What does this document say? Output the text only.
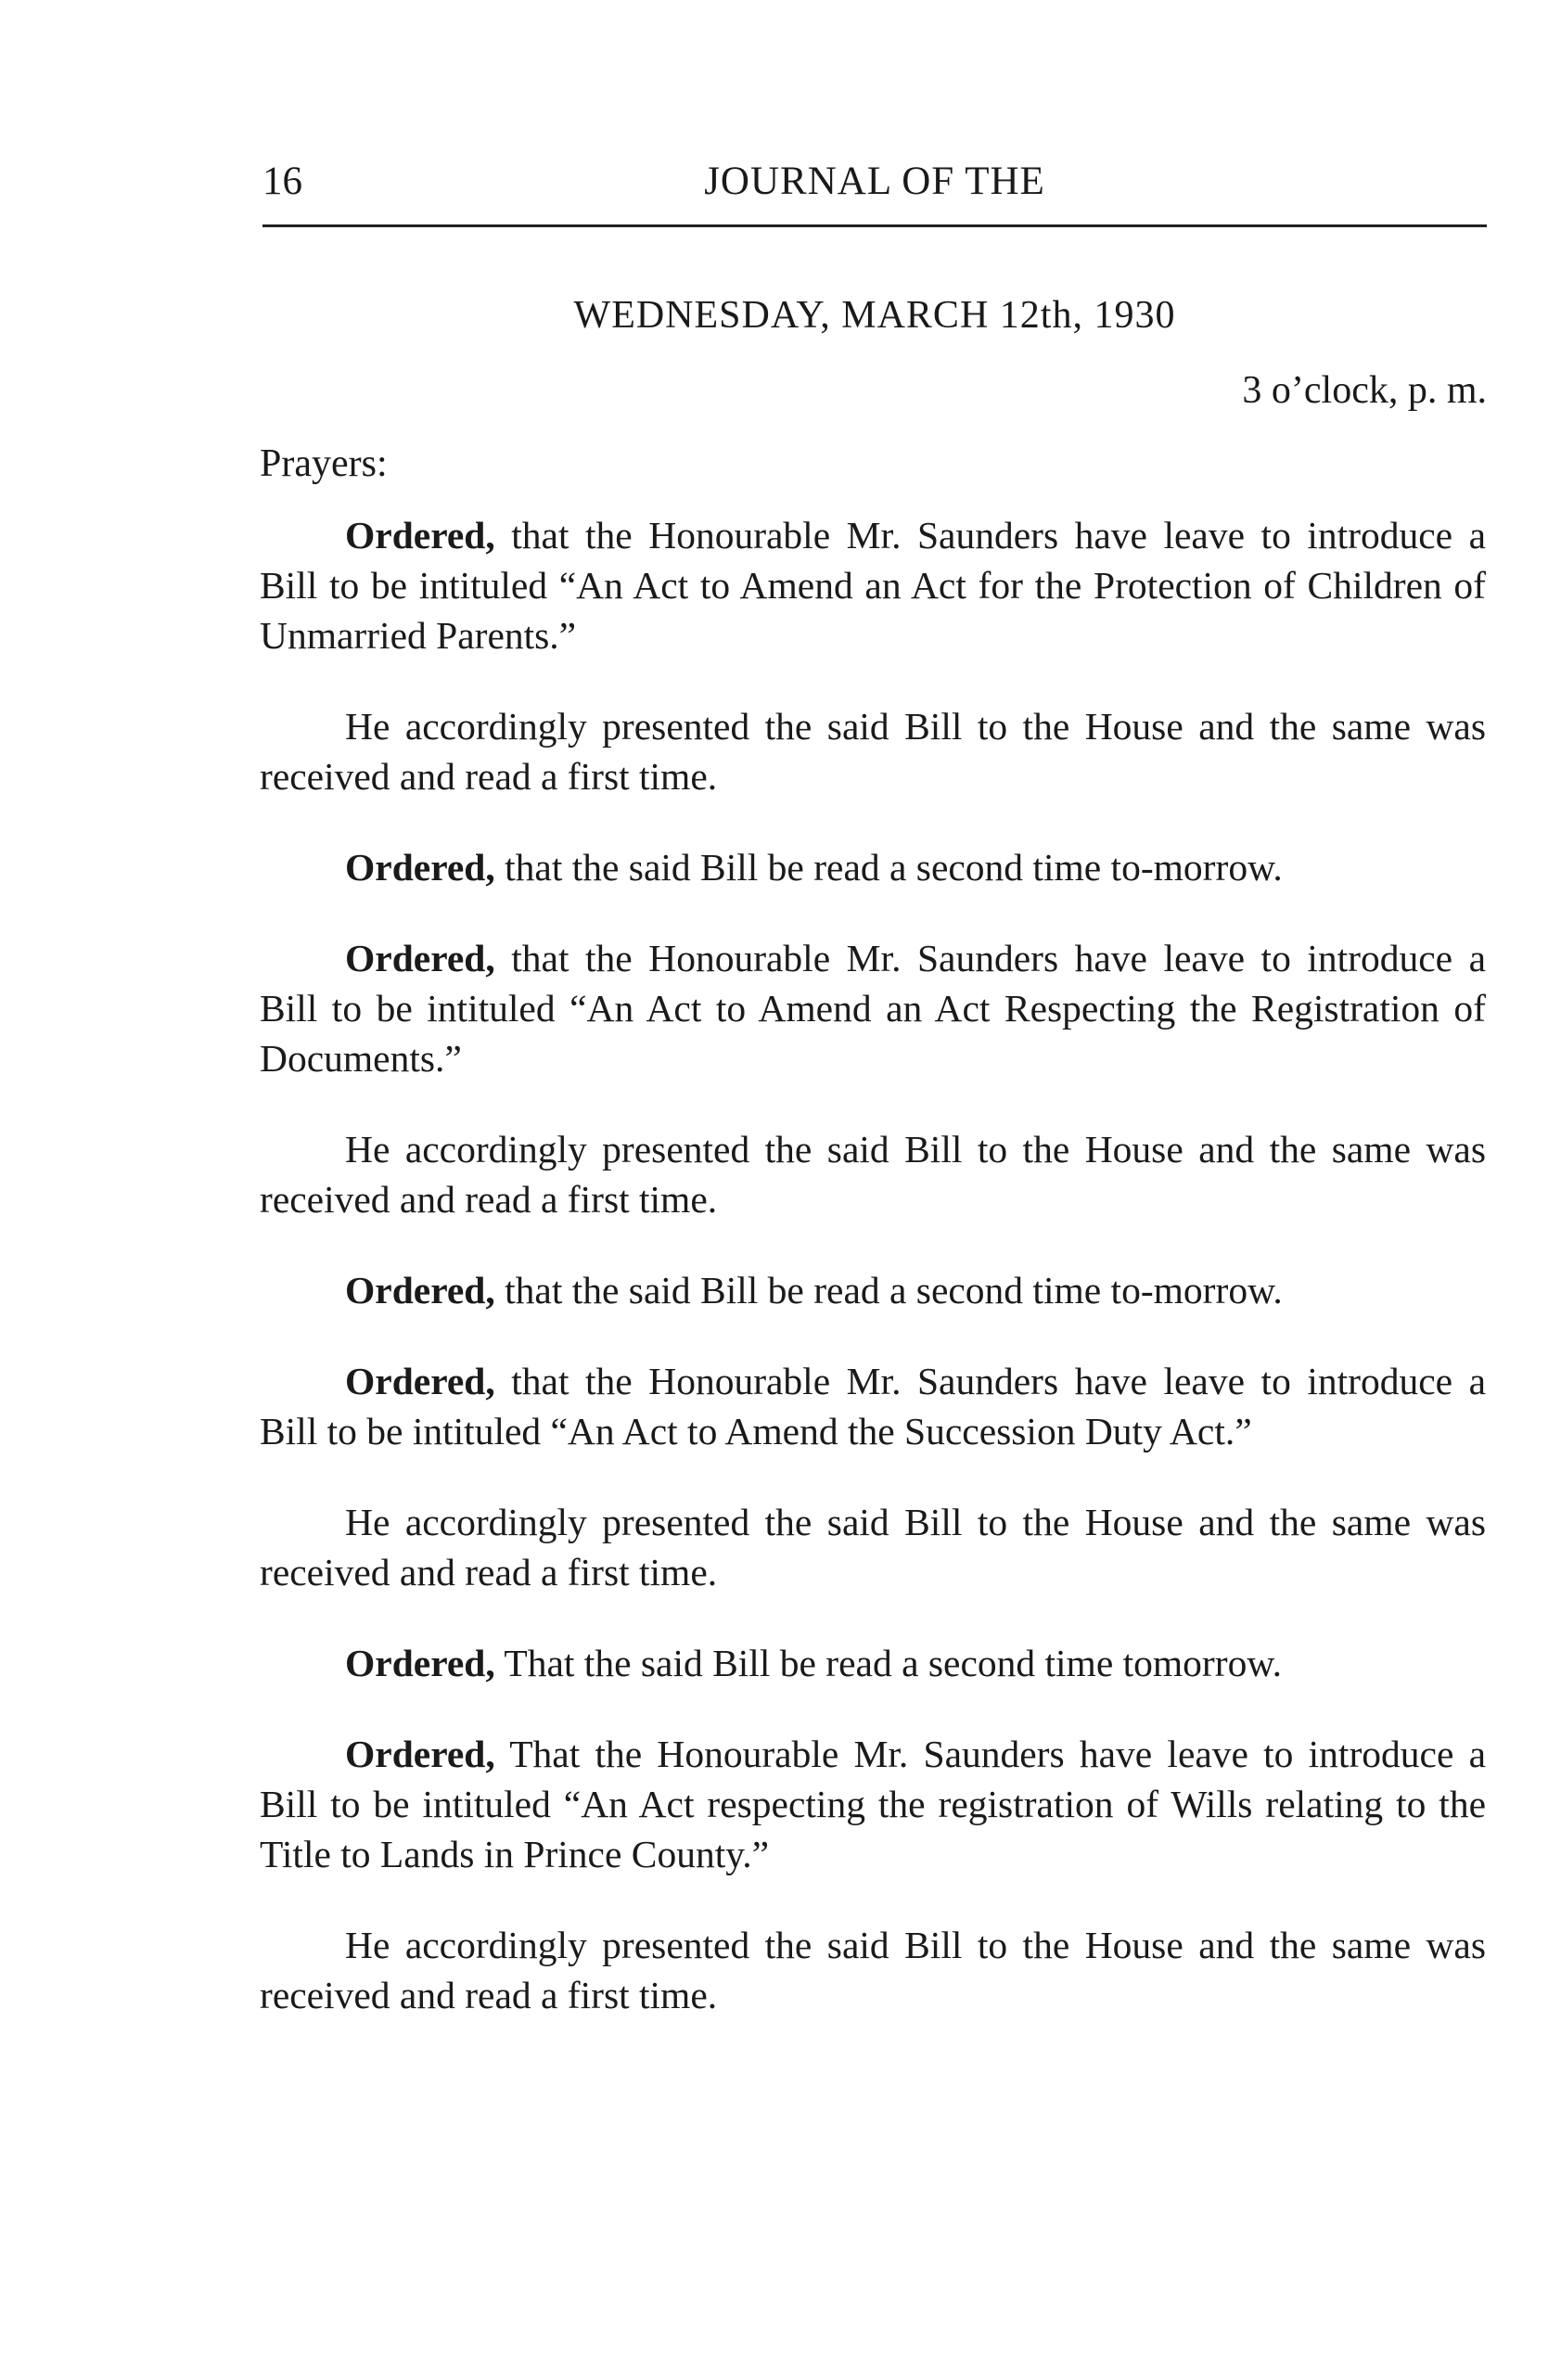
16	JOURNAL OF THE
WEDNESDAY, MARCH 12th, 1930
3 o’clock, p. m.
Prayers:

Ordered, that the Honourable Mr. Saunders have leave to introduce a Bill to be intituled “An Act to Amend an Act for the Protection of Children of Unmarried Parents.”

He accordingly presented the said Bill to the House and the same was received and read a first time.

Ordered, that the said Bill be read a second time to-morrow.

Ordered, that the Honourable Mr. Saunders have leave to introduce a Bill to be intituled “An Act to Amend an Act Respecting the Registration of Documents.”

He accordingly presented the said Bill to the House and the same was received and read a first time.

Ordered, that the said Bill be read a second time to-morrow.

Ordered, that the Honourable Mr. Saunders have leave to introduce a Bill to be intituled “An Act to Amend the Succession Duty Act.”

He accordingly presented the said Bill to the House and the same was received and read a first time.

Ordered, That the said Bill be read a second time tomorrow.

Ordered, That the Honourable Mr. Saunders have leave to introduce a Bill to be intituled “An Act respecting the registration of Wills relating to the Title to Lands in Prince County.”

He accordingly presented the said Bill to the House and the same was received and read a first time.
